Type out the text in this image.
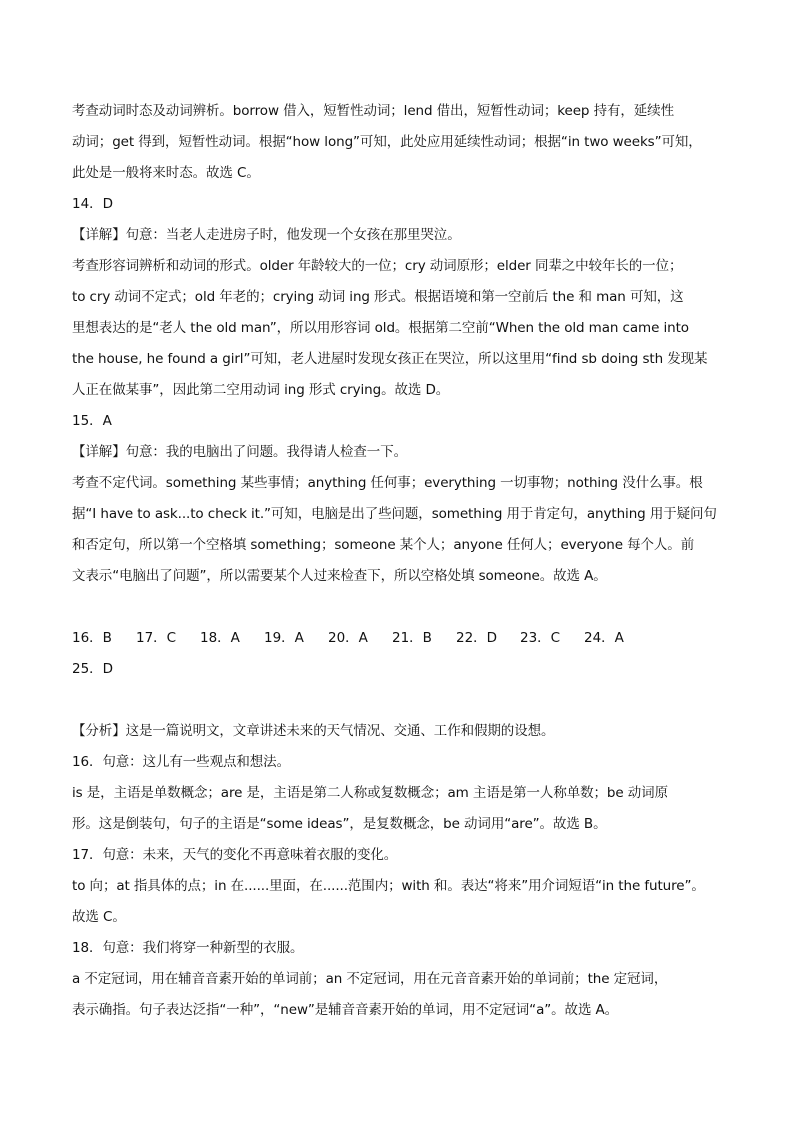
考查动词时态及动词辨析。borrow 借入，短暂性动词；lend 借出，短暂性动词；keep 持有，延续性
动词；get 得到，短暂性动词。根据“how long”可知，此处应用延续性动词；根据“in two weeks”可知，
此处是一般将来时态。故选 C。
14．D
【详解】句意：当老人走进房子时，他发现一个女孩在那里哭泣。
考查形容词辨析和动词的形式。older 年龄较大的一位；cry 动词原形；elder 同辈之中较年长的一位；
to cry 动词不定式；old 年老的；crying 动词 ing 形式。根据语境和第一空前后 the 和 man 可知，这
里想表达的是“老人 the old man”，所以用形容词 old。根据第二空前“When the old man came into
the house, he found a girl”可知，老人进屋时发现女孩正在哭泣，所以这里用“find sb doing sth 发现某
人正在做某事”，因此第二空用动词 ing 形式 crying。故选 D。
15．A
【详解】句意：我的电脑出了问题。我得请人检查一下。
考查不定代词。something 某些事情；anything 任何事；everything 一切事物；nothing 没什么事。根
据“I have to ask...to check it.”可知，电脑是出了些问题，something 用于肯定句，anything 用于疑问句
和否定句，所以第一个空格填 something；someone 某个人；anyone 任何人；everyone 每个人。前
文表示“电脑出了问题”，所以需要某个人过来检查下，所以空格处填 someone。故选 A。
16．B	17．C	18．A	19．A	20．A	21．B	22．D	23．C	24．A
25．D
【分析】这是一篇说明文，文章讲述未来的天气情况、交通、工作和假期的设想。
16．句意：这儿有一些观点和想法。
is 是，主语是单数概念；are 是，主语是第二人称或复数概念；am 主语是第一人称单数；be 动词原
形。这是倒装句，句子的主语是“some ideas”，是复数概念，be 动词用“are”。故选 B。
17．句意：未来，天气的变化不再意味着衣服的变化。
to 向；at 指具体的点；in 在......里面，在......范围内；with 和。表达“将来”用介词短语“in the future”。
故选 C。
18．句意：我们将穿一种新型的衣服。
a 不定冠词，用在辅音音素开始的单词前；an 不定冠词，用在元音音素开始的单词前；the 定冠词，
表示确指。句子表达泛指“一种”，“new”是辅音音素开始的单词，用不定冠词“a”。故选 A。
